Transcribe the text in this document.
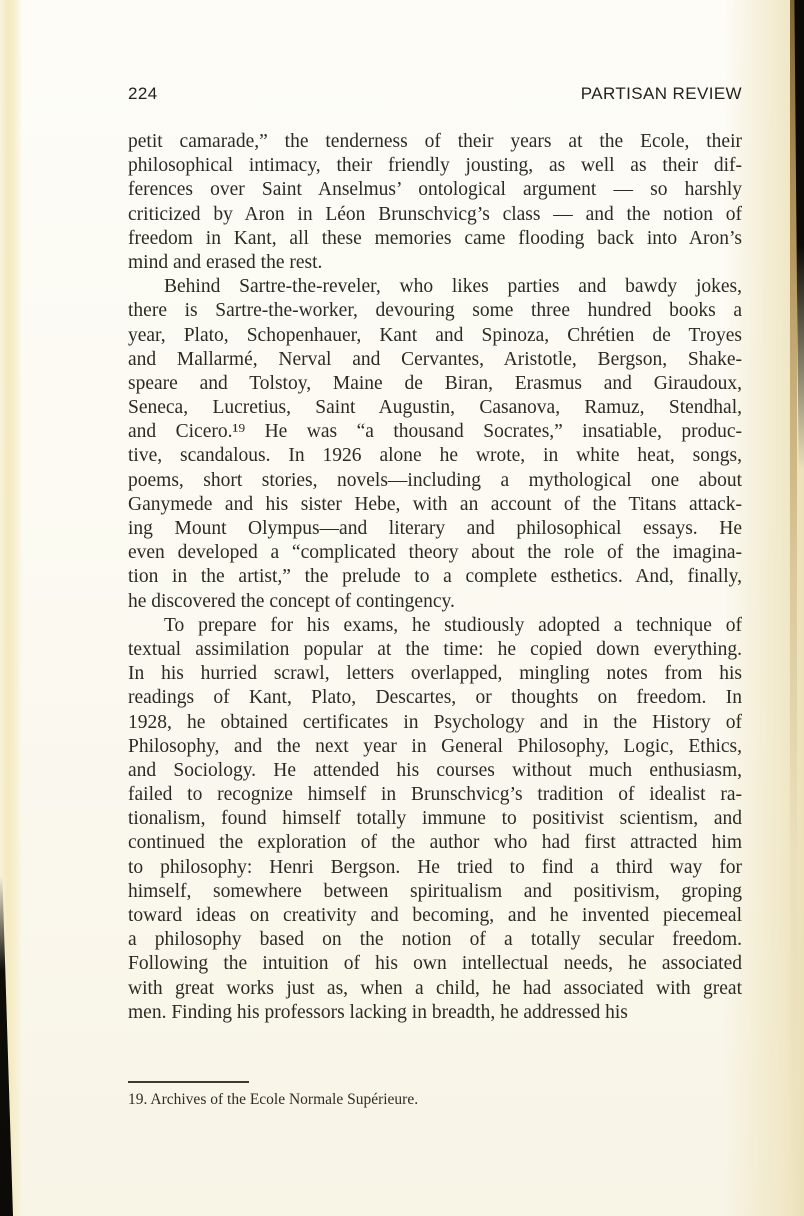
224	PARTISAN REVIEW
petit camarade,” the tenderness of their years at the Ecole, their
philosophical intimacy, their friendly jousting, as well as their dif-
ferences over Saint Anselmus’ ontological argument — so harshly
criticized by Aron in Léon Brunschvicg’s class — and the notion of
freedom in Kant, all these memories came flooding back into Aron’s
mind and erased the rest.
Behind Sartre-the-reveler, who likes parties and bawdy jokes,
there is Sartre-the-worker, devouring some three hundred books a
year, Plato, Schopenhauer, Kant and Spinoza, Chrétien de Troyes
and Mallarmé, Nerval and Cervantes, Aristotle, Bergson, Shake-
speare and Tolstoy, Maine de Biran, Erasmus and Giraudoux,
Seneca, Lucretius, Saint Augustin, Casanova, Ramuz, Stendhal,
and Cicero.¹⁹ He was “a thousand Socrates,” insatiable, produc-
tive, scandalous. In 1926 alone he wrote, in white heat, songs,
poems, short stories, novels—including a mythological one about
Ganymede and his sister Hebe, with an account of the Titans attack-
ing Mount Olympus—and literary and philosophical essays. He
even developed a “complicated theory about the role of the imagina-
tion in the artist,” the prelude to a complete esthetics. And, finally,
he discovered the concept of contingency.
To prepare for his exams, he studiously adopted a technique of
textual assimilation popular at the time: he copied down everything.
In his hurried scrawl, letters overlapped, mingling notes from his
readings of Kant, Plato, Descartes, or thoughts on freedom. In
1928, he obtained certificates in Psychology and in the History of
Philosophy, and the next year in General Philosophy, Logic, Ethics,
and Sociology. He attended his courses without much enthusiasm,
failed to recognize himself in Brunschvicg’s tradition of idealist ra-
tionalism, found himself totally immune to positivist scientism, and
continued the exploration of the author who had first attracted him
to philosophy: Henri Bergson. He tried to find a third way for
himself, somewhere between spiritualism and positivism, groping
toward ideas on creativity and becoming, and he invented piecemeal
a philosophy based on the notion of a totally secular freedom.
Following the intuition of his own intellectual needs, he associated
with great works just as, when a child, he had associated with great
men. Finding his professors lacking in breadth, he addressed his
19. Archives of the Ecole Normale Supérieure.
